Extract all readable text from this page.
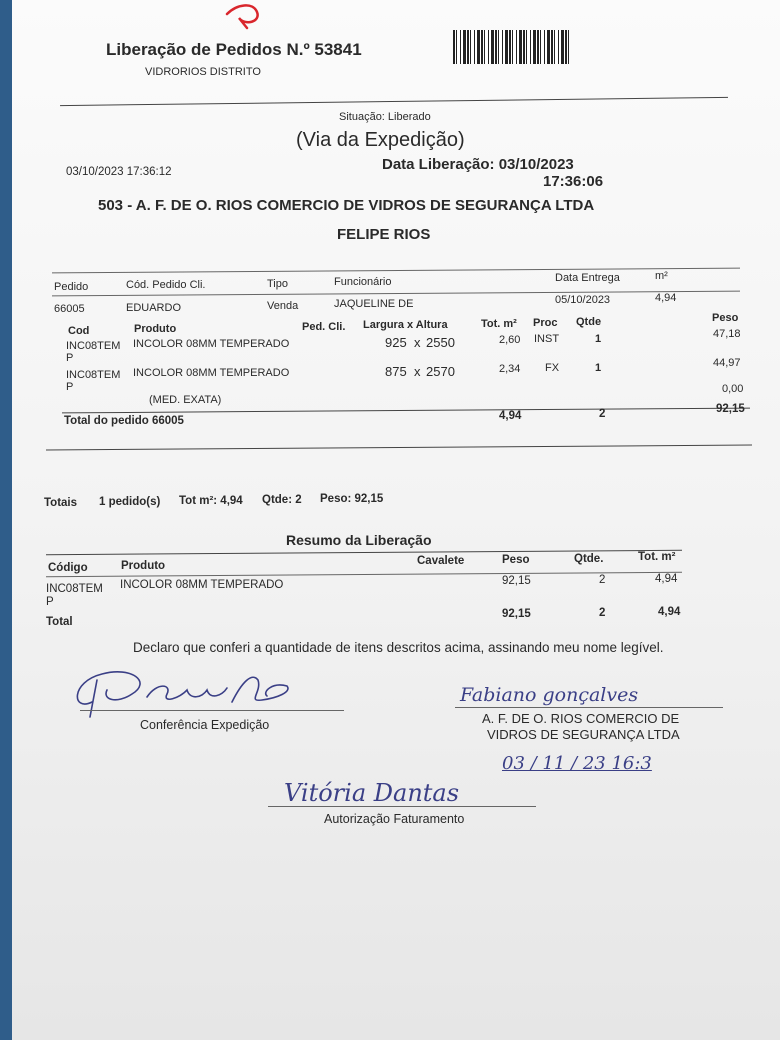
Liberação de Pedidos N.º 53841
VIDRORIOS DISTRITO
Situação: Liberado
(Via da Expedição)
03/10/2023 17:36:12	Data Liberação: 03/10/2023
17:36:06
503 - A. F. DE O. RIOS COMERCIO DE VIDROS DE SEGURANÇA LTDA
FELIPE RIOS
Pedido	Cód. Pedido Cli.	Tipo	Funcionário	Data Entrega	m²
66005	EDUARDO	Venda	JAQUELINE DE	05/10/2023	4,94
Cod	Produto	Ped. Cli. Largura x Altura	Tot. m² Proc Qtde	Peso
INC08TEM
P
INCOLOR 08MM TEMPERADO	925 x 2550	2,60 INST	1	47,18
INC08TEM
P
INCOLOR 08MM TEMPERADO	875 x 2570	2,34 FX	1	44,97
0,00
(MED. EXATA)
Total do pedido 66005	4,94	2	92,15
Totais 1 pedido(s) Tot m²: 4,94 Qtde: 2 Peso: 92,15
Resumo da Liberação
Código	Produto	Cavalete	Peso	Qtde.	Tot. m²
INC08TEM
P
INCOLOR 08MM TEMPERADO	92,15	2	4,94
Total
92,15	2	4,94
Declaro que conferi a quantidade de itens descritos acima, assinando meu nome legível.
Conferência Expedição
Fabiano gonçalves
A. F. DE O. RIOS COMERCIO DE
VIDROS DE SEGURANÇA LTDA
03 / 11 / 23 16:3
Vitória Dantas
Autorização Faturamento
